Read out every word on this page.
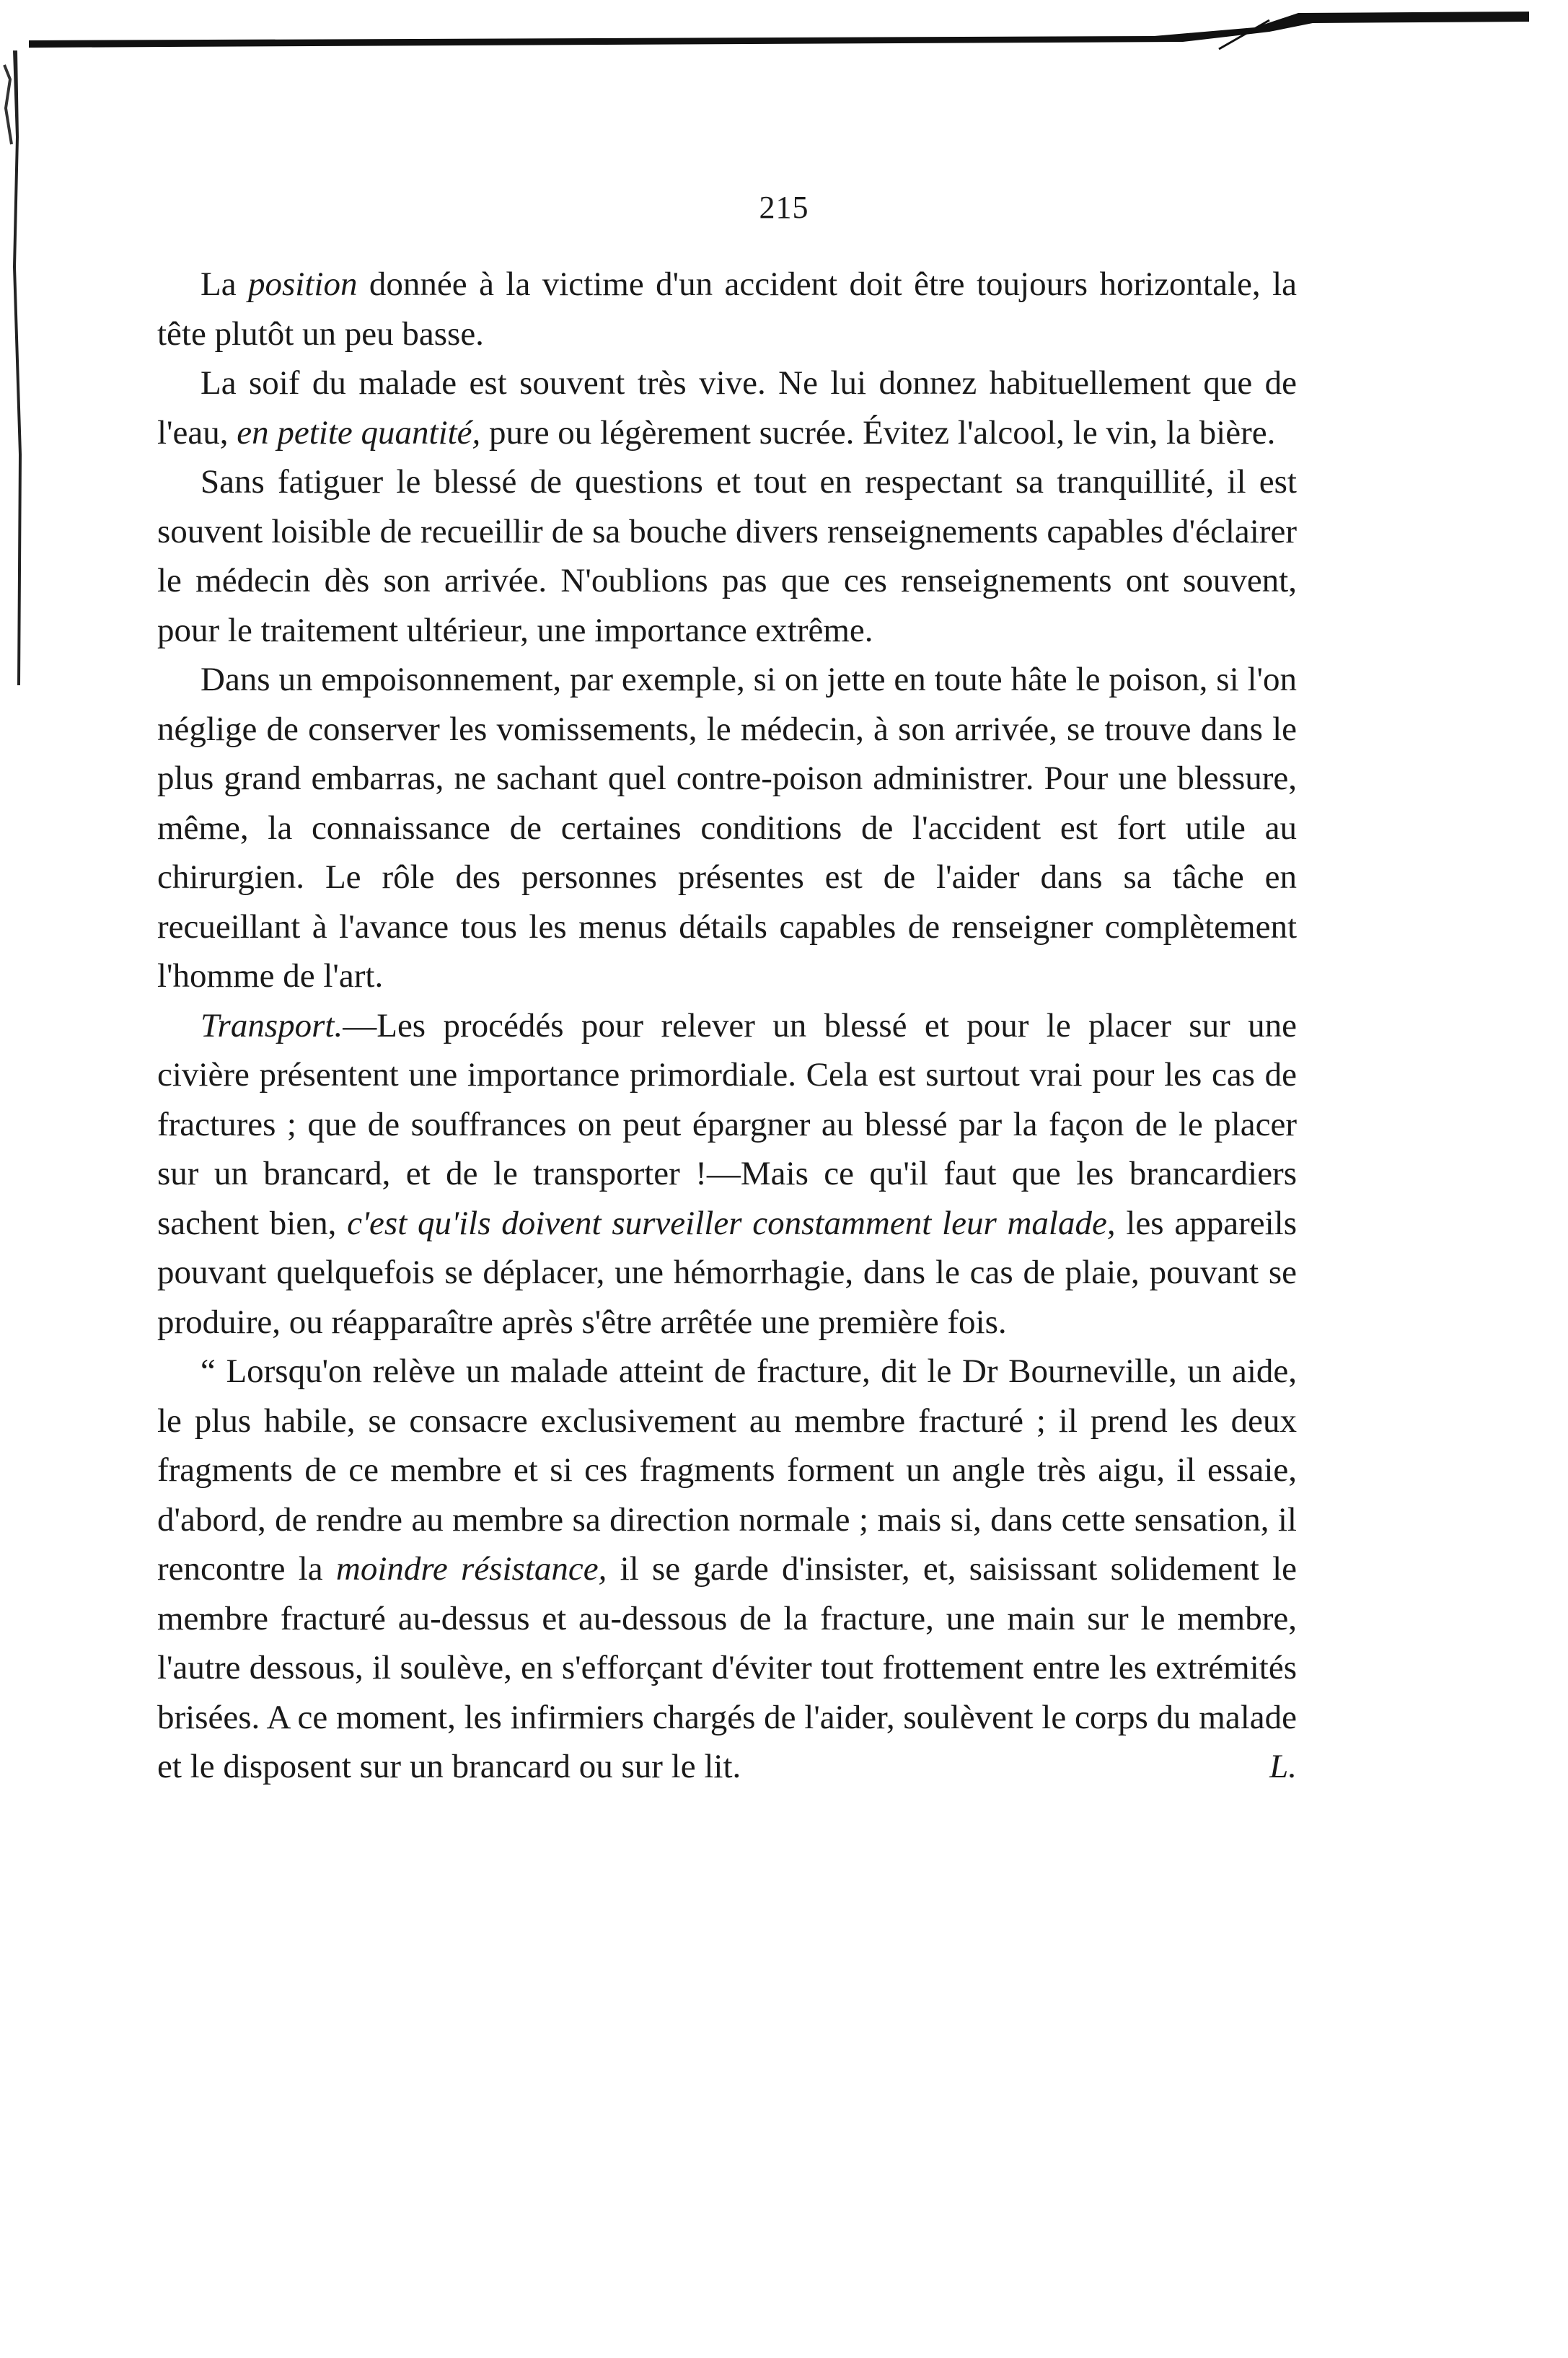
215

La position donnée à la victime d'un accident doit être toujours horizontale, la tête plutôt un peu basse.

La soif du malade est souvent très vive. Ne lui donnez habituellement que de l'eau, en petite quantité, pure ou légèrement sucrée. Évitez l'alcool, le vin, la bière.

Sans fatiguer le blessé de questions et tout en respectant sa tranquillité, il est souvent loisible de recueillir de sa bouche divers renseignements capables d'éclairer le médecin dès son arrivée. N'oublions pas que ces renseignements ont souvent, pour le traitement ultérieur, une importance extrême.

Dans un empoisonnement, par exemple, si on jette en toute hâte le poison, si l'on néglige de conserver les vomissements, le médecin, à son arrivée, se trouve dans le plus grand embarras, ne sachant quel contre-poison administrer. Pour une blessure, même, la connaissance de certaines conditions de l'accident est fort utile au chirurgien. Le rôle des personnes présentes est de l'aider dans sa tâche en recueillant à l'avance tous les menus détails capables de renseigner complètement l'homme de l'art.

Transport.—Les procédés pour relever un blessé et pour le placer sur une civière présentent une importance primordiale. Cela est surtout vrai pour les cas de fractures ; que de souffrances on peut épargner au blessé par la façon de le placer sur un brancard, et de le transporter !—Mais ce qu'il faut que les brancardiers sachent bien, c'est qu'ils doivent surveiller constamment leur malade, les appareils pouvant quelquefois se déplacer, une hémorrhagie, dans le cas de plaie, pouvant se produire, ou réapparaître après s'être arrêtée une première fois.

“ Lorsqu'on relève un malade atteint de fracture, dit le Dr Bourneville, un aide, le plus habile, se consacre exclusivement au membre fracturé ; il prend les deux fragments de ce membre et si ces fragments forment un angle très aigu, il essaie, d'abord, de rendre au membre sa direction normale ; mais si, dans cette sensation, il rencontre la moindre résistance, il se garde d'insister, et, saisissant solidement le membre fracturé au-dessus et au-dessous de la fracture, une main sur le membre, l'autre dessous, il soulève, en s'efforçant d'éviter tout frottement entre les extrémités brisées. A ce moment, les infirmiers chargés de l'aider, soulèvent le corps du malade et le disposent sur un brancard ou sur le lit.	L.
